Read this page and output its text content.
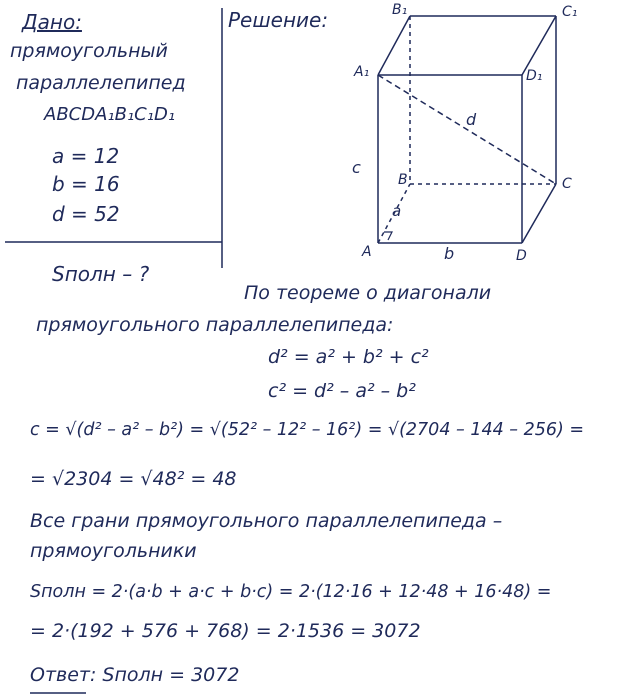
Дано:
прямоугольный
параллелепипед
ABCDA₁B₁C₁D₁
a = 12
b = 16
d = 52
Sполн – ?
Решение:	B₁	C₁
A₁	D₁
B	C
A	D
c
a
b
d
По теореме о диагонали
прямоугольного параллелепипеда:
d² = a² + b² + c²
c² = d² – a² – b²
c = √(d² – a² – b²) = √(52² – 12² – 16²) = √(2704 – 144 – 256) =
= √2304 = √48² = 48
Все грани прямоугольного параллелепипеда –
прямоугольники
Sполн = 2·(a·b + a·c + b·c) = 2·(12·16 + 12·48 + 16·48) =
= 2·(192 + 576 + 768) = 2·1536 = 3072
Ответ: Sполн = 3072
